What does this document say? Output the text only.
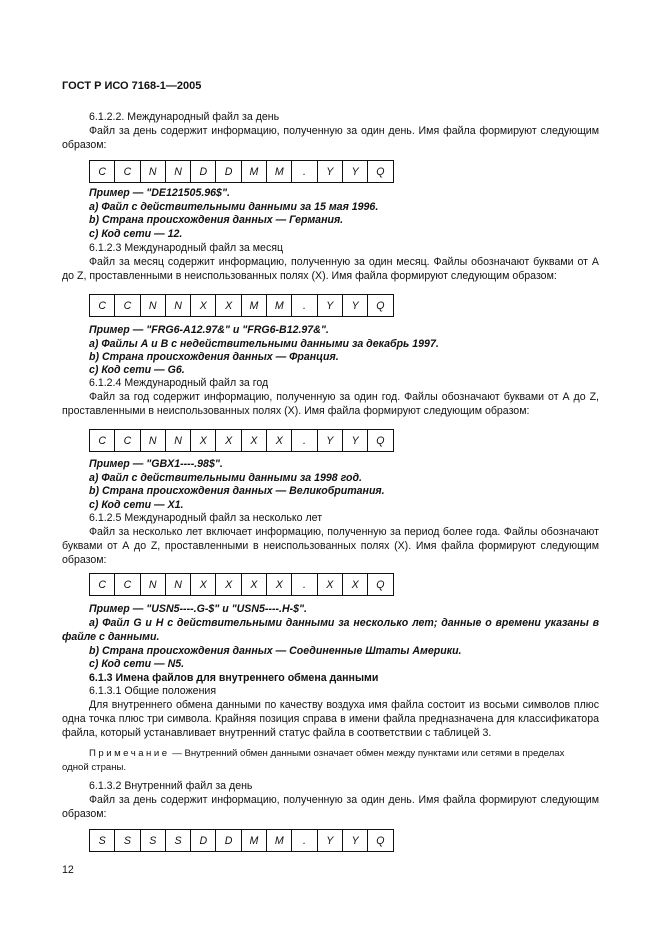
ГОСТ Р ИСО 7168-1—2005
6.1.2.2. Международный файл за день
Файл за день содержит информацию, полученную за один день. Имя файла формируют следующим
образом:
C	C	N	N	D	D	M	M	.	Y	Y	Q
Пример — "DE121505.96$".
a) Файл с действительными данными за 15 мая 1996.
b) Страна происхождения данных — Германия.
c) Код сети — 12.
6.1.2.3 Международный файл за месяц
Файл за месяц содержит информацию, полученную за один месяц. Файлы обозначают буквами от А
до Z, проставленными в неиспользованных полях (X). Имя файла формируют следующим образом:
C	C	N	N	X	X	M	M	.	Y	Y	Q
Пример — "FRG6-A12.97&" и "FRG6-B12.97&".
a) Файлы А и В с недействительными данными за декабрь 1997.
b) Страна происхождения данных — Франция.
c) Код сети — G6.
6.1.2.4 Международный файл за год
Файл за год содержит информацию, полученную за один год. Файлы обозначают буквами от А до Z,
проставленными в неиспользованных полях (X). Имя файла формируют следующим образом:
C	C	N	N	X	X	X	X	.	Y	Y	Q
Пример — "GBX1----.98$".
a) Файл с действительными данными за 1998 год.
b) Страна происхождения данных — Великобритания.
c) Код сети — X1.
6.1.2.5 Международный файл за несколько лет
Файл за несколько лет включает информацию, полученную за период более года. Файлы обозначают
буквами от А до Z, проставленными в неиспользованных полях (X). Имя файла формируют следующим
образом:
C	C	N	N	X	X	X	X	.	X	X	Q
Пример — "USN5----.G-$" и "USN5----.H-$".
a) Файл G и H с действительными данными за несколько лет; данные о времени указаны в
файле с данными.
b) Страна происхождения данных — Соединенные Штаты Америки.
c) Код сети — N5.
6.1.3 Имена файлов для внутреннего обмена данными
6.1.3.1 Общие положения
Для внутреннего обмена данными по качеству воздуха имя файла состоит из восьми символов плюс
одна точка плюс три символа. Крайняя позиция справа в имени файла предназначена для классификатора
файла, который устанавливает внутренний статус файла в соответствии с таблицей 3.
Примечание — Внутренний обмен данными означает обмен между пунктами или сетями в пределах
одной страны.
6.1.3.2 Внутренний файл за день
Файл за день содержит информацию, полученную за один день. Имя файла формируют следующим
образом:
S	S	S	S	D	D	M	M	.	Y	Y	Q
12
